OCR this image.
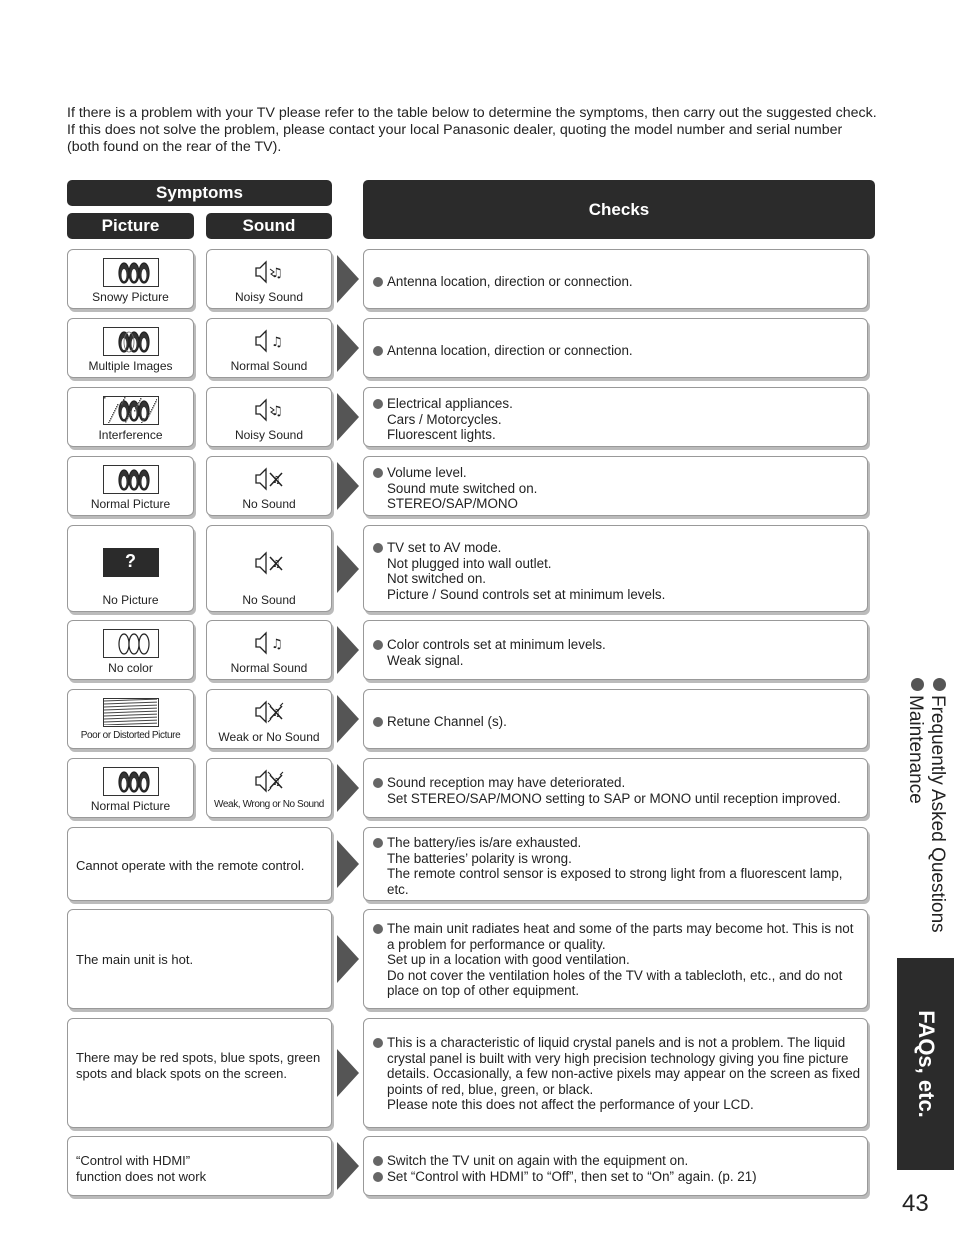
If there is a problem with your TV please refer to the table below to determine the symptoms, then carry out the suggested check. If this does not solve the problem, please contact your local Panasonic dealer, quoting the model number and serial number (both found on the rear of the TV).
Symptoms
Picture	Sound
Checks
Snowy Picture
♫
Noisy Sound
Antenna location, direction or connection.
Multiple Images
♫
Normal Sound
Antenna location, direction or connection.
Interference
♫
Noisy Sound
Electrical appliances.
Cars / Motorcycles.
Fluorescent lights.
Normal Picture
♫
No Sound
Volume level.
Sound mute switched on.
STEREO/SAP/MONO
?
No Picture
♫
No Sound
TV set to AV mode.
Not plugged into wall outlet.
Not switched on.
Picture / Sound controls set at minimum levels.
No color
♫
Normal Sound
Color controls set at minimum levels.
Weak signal.
Poor or Distorted Picture
♫
Weak or No Sound
Retune Channel (s).
Normal Picture
♫
Weak, Wrong or No Sound
Sound reception may have deteriorated.
Set STEREO/SAP/MONO setting to SAP or MONO until reception improved.
Cannot operate with the remote control.
The battery/ies is/are exhausted.
The batteries’ polarity is wrong.
The remote control sensor is exposed to strong light from a fluorescent lamp, etc.
The main unit is hot.
The main unit radiates heat and some of the parts may become hot. This is not a problem for performance or quality.
Set up in a location with good ventilation.
Do not cover the ventilation holes of the TV with a tablecloth, etc., and do not place on top of other equipment.
There may be red spots, blue spots, green spots and black spots on the screen.
This is a characteristic of liquid crystal panels and is not a problem. The liquid crystal panel is built with very high precision technology giving you fine picture details. Occasionally, a few non-active pixels may appear on the screen as fixed points of red, blue, green, or black.
Please note this does not affect the performance of your LCD.
“Control with HDMI” function does not work
Switch the TV unit on again with the equipment on.
Set “Control with HDMI” to “Off”, then set to “On” again. (p. 21)
Frequently Asked Questions
Maintenance
FAQs, etc.
43
